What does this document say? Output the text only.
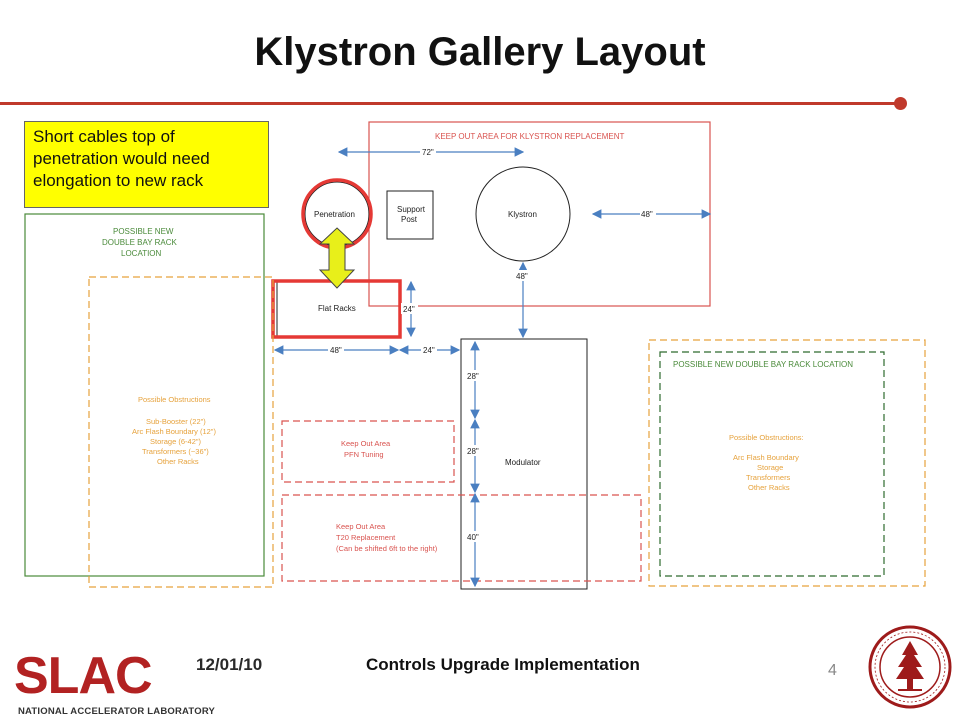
Klystron Gallery Layout
KEEP OUT AREA FOR KLYSTRON REPLACEMENT
Support
Post
Klystron
Penetration
Flat Racks
Modulator
POSSIBLE NEW
DOUBLE BAY RACK
LOCATION
Possible Obstructions
Sub-Booster (22")
Arc Flash Boundary (12")
Storage (6-42")
Transformers (~36")
Other Racks
POSSIBLE NEW DOUBLE BAY RACK LOCATION
Possible Obstructions:
Arc Flash Boundary
Storage
Transformers
Other Racks
Keep Out Area
PFN Tuning
Keep Out Area
T20 Replacement
(Can be shifted 6ft to the right)
72"
48"
48"
24"
48"	24"
28"
28"
40"
Short cables top of penetration would need elongation to new rack
SLAC
NATIONAL ACCELERATOR LABORATORY
12/01/10	Controls Upgrade Implementation	4
